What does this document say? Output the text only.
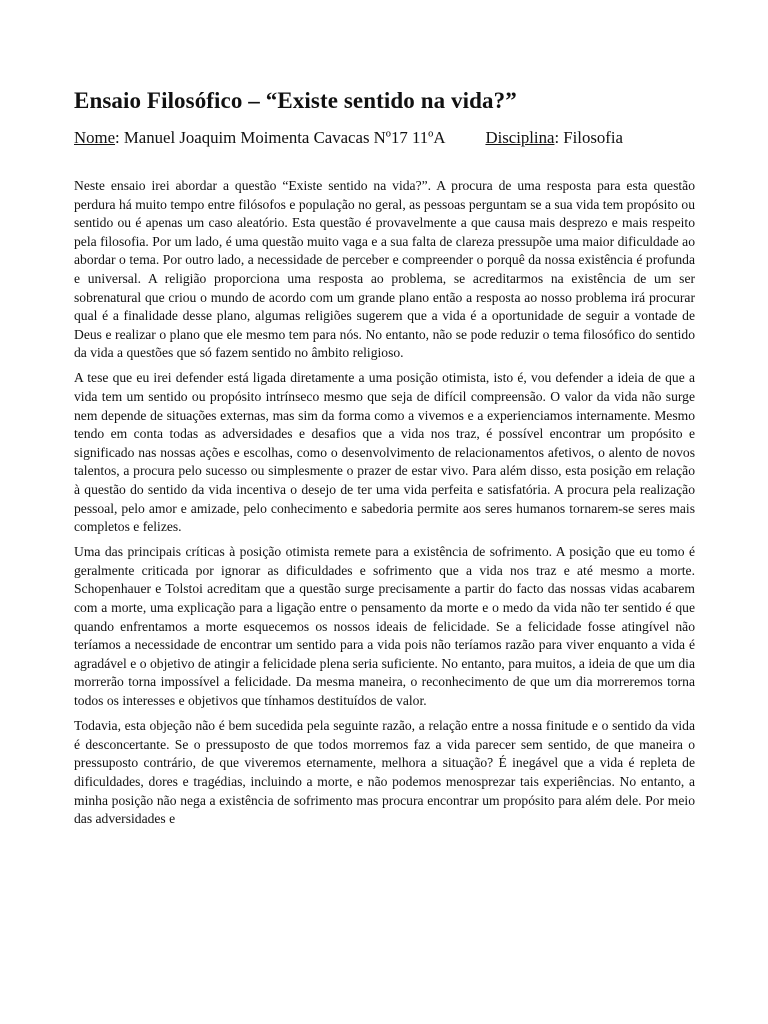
Ensaio Filosófico – “Existe sentido na vida?”
Nome: Manuel Joaquim Moimenta Cavacas Nº17 11ºA Disciplina: Filosofia

Neste ensaio irei abordar a questão “Existe sentido na vida?”. A procura de uma resposta para esta questão perdura há muito tempo entre filósofos e população no geral, as pessoas perguntam se a sua vida tem propósito ou sentido ou é apenas um caso aleatório. Esta questão é provavelmente a que causa mais desprezo e mais respeito pela filosofia. Por um lado, é uma questão muito vaga e a sua falta de clareza pressupõe uma maior dificuldade ao abordar o tema. Por outro lado, a necessidade de perceber e compreender o porquê da nossa existência é profunda e universal. A religião proporciona uma resposta ao problema, se acreditarmos na existência de um ser sobrenatural que criou o mundo de acordo com um grande plano então a resposta ao nosso problema irá procurar qual é a finalidade desse plano, algumas religiões sugerem que a vida é a oportunidade de seguir a vontade de Deus e realizar o plano que ele mesmo tem para nós. No entanto, não se pode reduzir o tema filosófico do sentido da vida a questões que só fazem sentido no âmbito religioso.

A tese que eu irei defender está ligada diretamente a uma posição otimista, isto é, vou defender a ideia de que a vida tem um sentido ou propósito intrínseco mesmo que seja de difícil compreensão. O valor da vida não surge nem depende de situações externas, mas sim da forma como a vivemos e a experienciamos internamente. Mesmo tendo em conta todas as adversidades e desafios que a vida nos traz, é possível encontrar um propósito e significado nas nossas ações e escolhas, como o desenvolvimento de relacionamentos afetivos, o alento de novos talentos, a procura pelo sucesso ou simplesmente o prazer de estar vivo. Para além disso, esta posição em relação à questão do sentido da vida incentiva o desejo de ter uma vida perfeita e satisfatória. A procura pela realização pessoal, pelo amor e amizade, pelo conhecimento e sabedoria permite aos seres humanos tornarem-se seres mais completos e felizes.

Uma das principais críticas à posição otimista remete para a existência de sofrimento. A posição que eu tomo é geralmente criticada por ignorar as dificuldades e sofrimento que a vida nos traz e até mesmo a morte. Schopenhauer e Tolstoi acreditam que a questão surge precisamente a partir do facto das nossas vidas acabarem com a morte, uma explicação para a ligação entre o pensamento da morte e o medo da vida não ter sentido é que quando enfrentamos a morte esquecemos os nossos ideais de felicidade. Se a felicidade fosse atingível não teríamos a necessidade de encontrar um sentido para a vida pois não teríamos razão para viver enquanto a vida é agradável e o objetivo de atingir a felicidade plena seria suficiente. No entanto, para muitos, a ideia de que um dia morrerão torna impossível a felicidade. Da mesma maneira, o reconhecimento de que um dia morreremos torna todos os interesses e objetivos que tínhamos destituídos de valor.

Todavia, esta objeção não é bem sucedida pela seguinte razão, a relação entre a nossa finitude e o sentido da vida é desconcertante. Se o pressuposto de que todos morremos faz a vida parecer sem sentido, de que maneira o pressuposto contrário, de que viveremos eternamente, melhora a situação? É inegável que a vida é repleta de dificuldades, dores e tragédias, incluindo a morte, e não podemos menosprezar tais experiências. No entanto, a minha posição não nega a existência de sofrimento mas procura encontrar um propósito para além dele. Por meio das adversidades e
